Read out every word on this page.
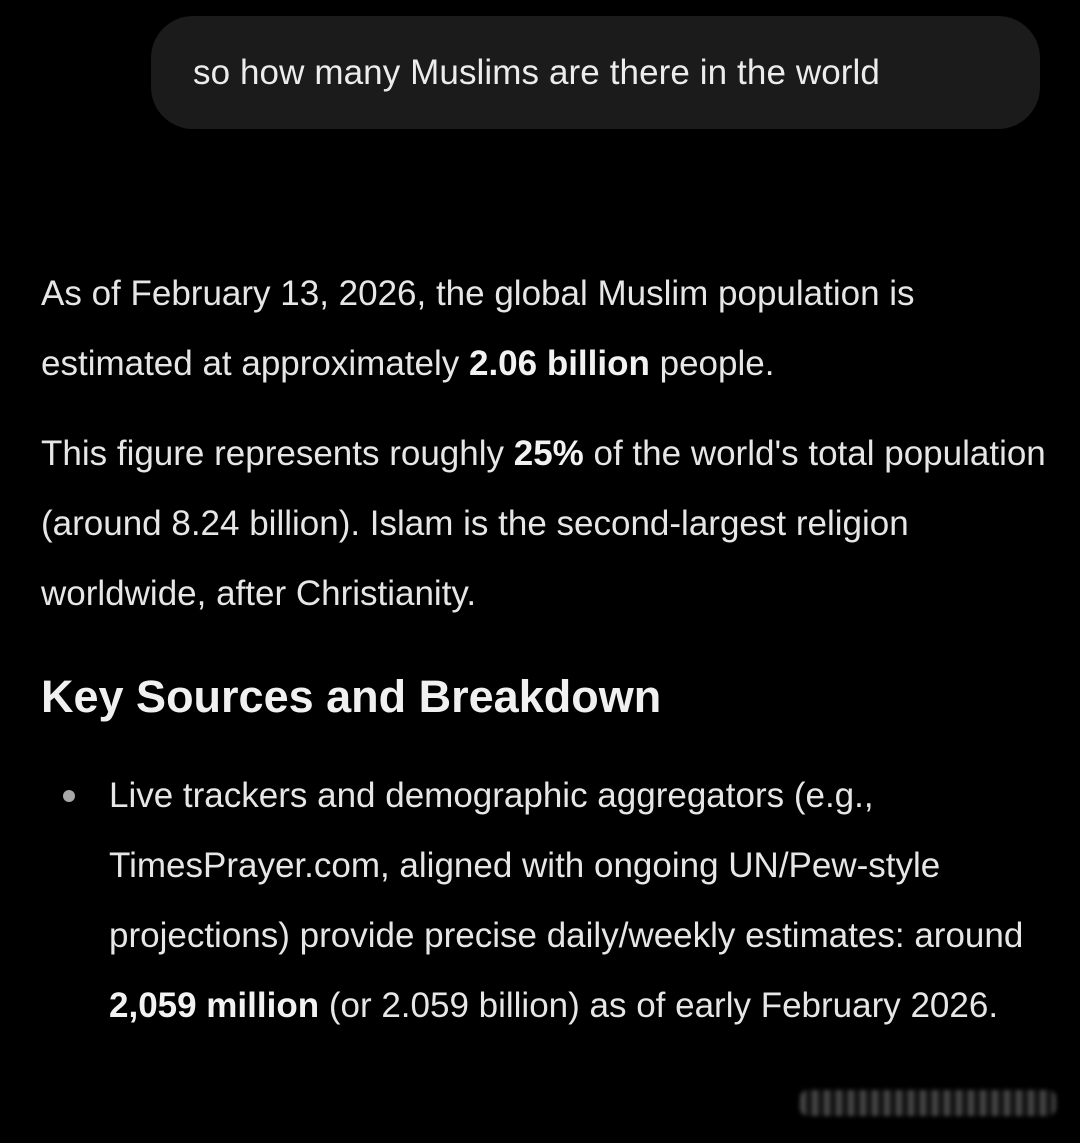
so how many Muslims are there in the world

As of February 13, 2026, the global Muslim population is estimated at approximately 2.06 billion people.

This figure represents roughly 25% of the world's total population (around 8.24 billion). Islam is the second-largest religion worldwide, after Christianity.

Key Sources and Breakdown
Live trackers and demographic aggregators (e.g., TimesPrayer.com, aligned with ongoing UN/Pew-style projections) provide precise daily/weekly estimates: around 2,059 million (or 2.059 billion) as of early February 2026.
